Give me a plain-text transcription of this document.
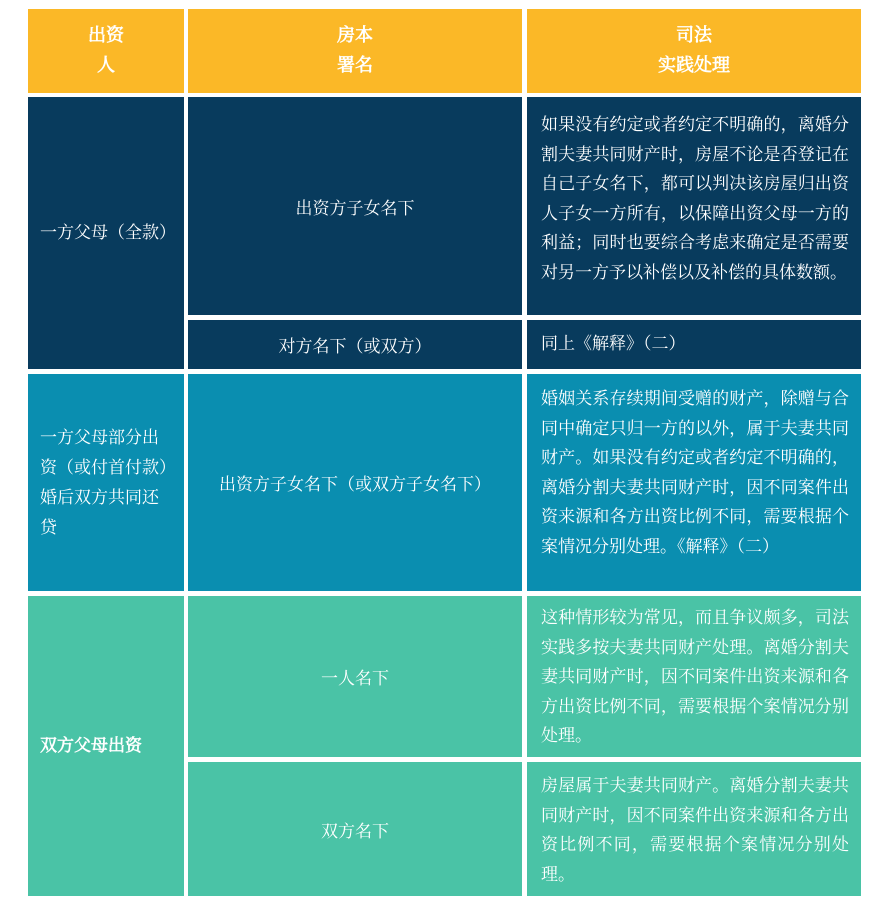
出资
人
房本
署名
司法
实践处理
一方父母（全款）
出资方子女名下
如果没有约定或者约定不明确的，离婚分割夫妻共同财产时，房屋不论是否登记在自己子女名下，都可以判决该房屋归出资人子女一方所有，以保障出资父母一方的利益；同时也要综合考虑来确定是否需要对另一方予以补偿以及补偿的具体数额。
对方名下（或双方）	同上《解释》（二）
一方父母部分出资（或付首付款）婚后双方共同还贷
出资方子女名下（或双方子女名下）
婚姻关系存续期间受赠的财产，除赠与合同中确定只归一方的以外，属于夫妻共同财产。如果没有约定或者约定不明确的，离婚分割夫妻共同财产时，因不同案件出资来源和各方出资比例不同，需要根据个案情况分别处理。《解释》（二）
双方父母出资
一人名下
这种情形较为常见，而且争议颇多，司法实践多按夫妻共同财产处理。离婚分割夫妻共同财产时，因不同案件出资来源和各方出资比例不同，需要根据个案情况分别处理。
双方名下
房屋属于夫妻共同财产。离婚分割夫妻共同财产时，因不同案件出资来源和各方出资比例不同，需要根据个案情况分别处理。
